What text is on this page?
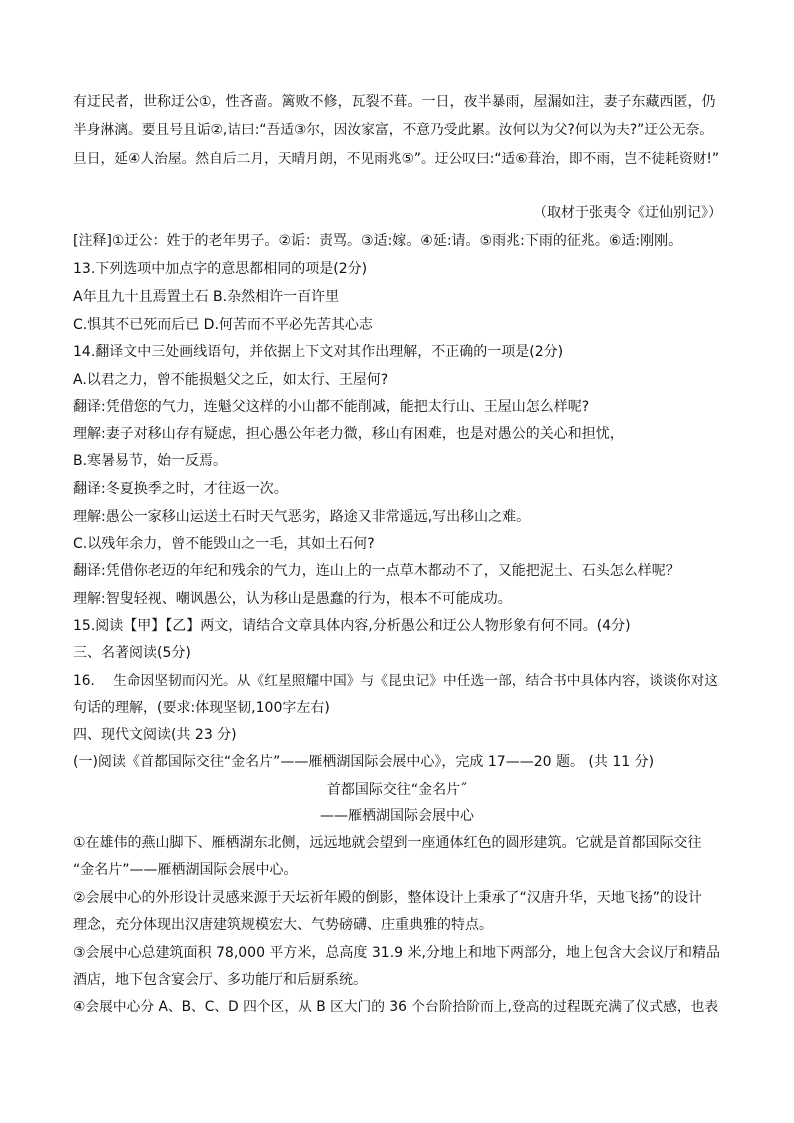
有迂民者，世称迂公①，性吝啬。篱败不修，瓦裂不葺。一日，夜半暴雨，屋漏如注，妻子东藏西匿，仍
半身淋漓。要且号且诟②,诘曰:“吾适③尔，因汝家富，不意乃受此累。汝何以为父?何以为夫?”迂公无奈。
旦日，延④人治屋。然自后二月，天晴月朗，不见雨兆⑤”。迂公叹曰:“适⑥葺治，即不雨，岂不徒耗资财!”
（取材于张夷令《迂仙别记》）
[注释]①迂公：姓于的老年男子。②诟：责骂。③适:嫁。④延:请。⑤雨兆:下雨的征兆。⑥适:刚刚。
13.下列选项中加点字的意思都相同的项是(2分)
A年且九十且焉置土石 B.杂然相许一百许里
C.惧其不已死而后已 D.何苦而不平必先苦其心志
14.翻译文中三处画线语句，并依据上下文对其作出理解，不正确的一项是(2分)
A.以君之力，曾不能损魁父之丘，如太行、王屋何?
翻译:凭借您的气力，连魁父这样的小山都不能削减，能把太行山、王屋山怎么样呢?
理解:妻子对移山存有疑虑，担心愚公年老力微，移山有困难，也是对愚公的关心和担忧，
B.寒暑易节，始一反焉。
翻译:冬夏换季之时，才往返一次。
理解:愚公一家移山运送土石时天气恶劣，路途又非常遥远,写出移山之难。
C.以残年余力，曾不能毁山之一毛，其如土石何?
翻译:凭借你老迈的年纪和残余的气力，连山上的一点草木都动不了，又能把泥土、石头怎么样呢？
理解:智叟轻视、嘲讽愚公，认为移山是愚蠢的行为，根本不可能成功。
15.阅读【甲】【乙】两文，请结合文章具体内容,分析愚公和迂公人物形象有何不同。(4分)
三、名著阅读(5分)
16.　 生命因坚韧而闪光。从《红星照耀中国》与《昆虫记》中任选一部，结合书中具体内容，谈谈你对这
句话的理解，(要求:体现坚韧,100字左右)
四、现代文阅读(共 23 分)
(一)阅读《首都国际交往“金名片”——雁栖湖国际会展中心》，完成 17——20 题。 (共 11 分)
首都国际交往“金名片˝
——雁栖湖国际会展中心
①在雄伟的燕山脚下、雁栖湖东北侧，远远地就会望到一座通体红色的圆形建筑。它就是首都国际交往
“金名片”——雁栖湖国际会展中心。
②会展中心的外形设计灵感来源于天坛祈年殿的倒影，整体设计上秉承了“汉唐升华，天地飞扬”的设计
理念，充分体现出汉唐建筑规模宏大、气势磅礴、庄重典雅的特点。
③会展中心总建筑面积 78,000 平方米，总高度 31.9 米,分地上和地下两部分，地上包含大会议厅和精品
酒店，地下包含宴会厅、多功能厅和后厨系统。
④会展中心分 A、B、C、D 四个区，从 B 区大门的 36 个台阶拾阶而上,登高的过程既充满了仪式感，也表
